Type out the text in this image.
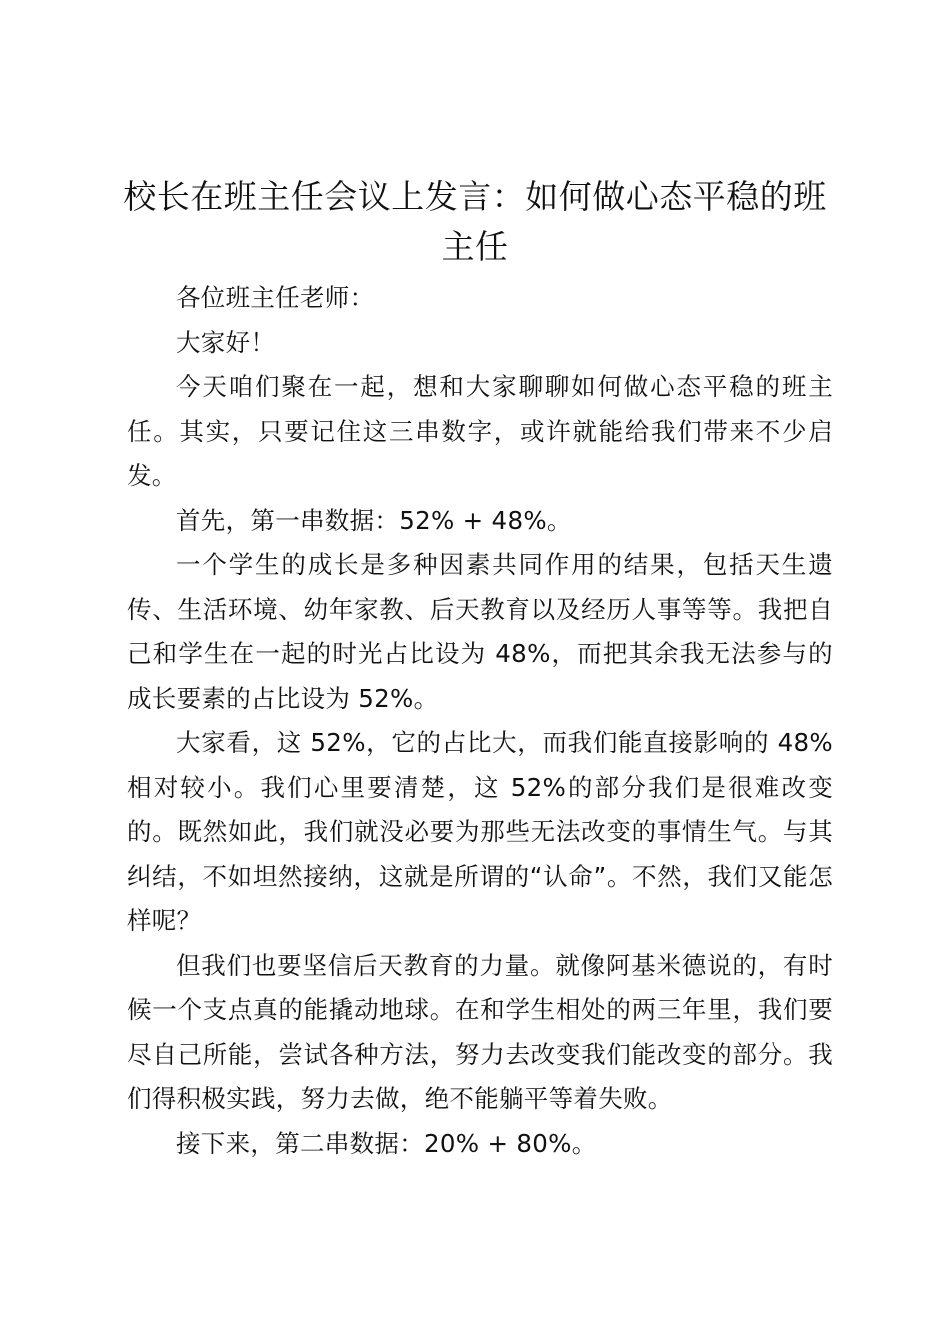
校长在班主任会议上发言：如何做心态平稳的班主任

各位班主任老师：

大家好！

今天咱们聚在一起，想和大家聊聊如何做心态平稳的班主任。其实，只要记住这三串数字，或许就能给我们带来不少启发。

首先，第一串数据：52% + 48%。

一个学生的成长是多种因素共同作用的结果，包括天生遗传、生活环境、幼年家教、后天教育以及经历人事等等。我把自己和学生在一起的时光占比设为 48%，而把其余我无法参与的成长要素的占比设为 52%。

大家看，这 52%，它的占比大，而我们能直接影响的 48%相对较小。我们心里要清楚，这 52%的部分我们是很难改变的。既然如此，我们就没必要为那些无法改变的事情生气。与其纠结，不如坦然接纳，这就是所谓的“认命”。不然，我们又能怎样呢？

但我们也要坚信后天教育的力量。就像阿基米德说的，有时候一个支点真的能撬动地球。在和学生相处的两三年里，我们要尽自己所能，尝试各种方法，努力去改变我们能改变的部分。我们得积极实践，努力去做，绝不能躺平等着失败。

接下来，第二串数据：20% + 80%。
